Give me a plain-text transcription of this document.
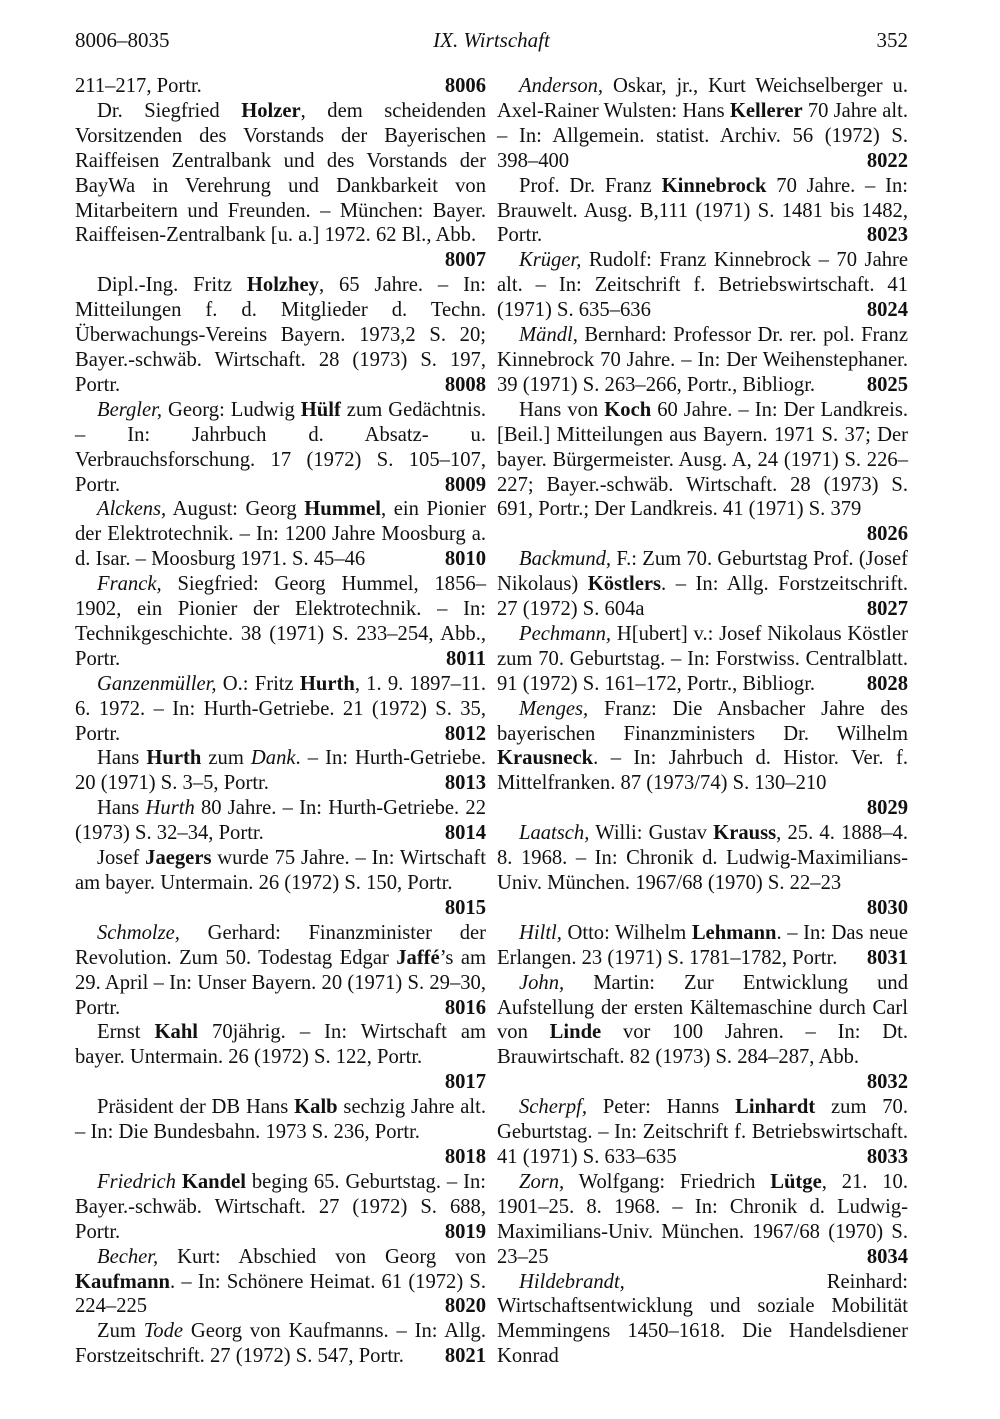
8006–8035	IX. Wirtschaft	352

211–217, Portr.	8006

Dr. Siegfried Holzer, dem scheidenden Vorsitzenden des Vorstands der Bayerischen Raiffeisen Zentralbank und des Vorstands der BayWa in Verehrung und Dankbarkeit von Mitarbeitern und Freunden. – München: Bayer. Raiffeisen-Zentralbank [u. a.] 1972. 62 Bl., Abb.
8007

Dipl.-Ing. Fritz Holzhey, 65 Jahre. – In: Mitteilungen f. d. Mitglieder d. Techn. Überwachungs-Vereins Bayern. 1973,2 S. 20; Bayer.-schwäb. Wirtschaft. 28 (1973) S. 197, Portr.	8008

Bergler, Georg: Ludwig Hülf zum Gedächtnis. – In: Jahrbuch d. Absatz- u. Verbrauchsforschung. 17 (1972) S. 105–107, Portr.	8009

Alckens, August: Georg Hummel, ein Pionier der Elektrotechnik. – In: 1200 Jahre Moosburg a. d. Isar. – Moosburg 1971. S. 45–46	8010

Franck, Siegfried: Georg Hummel, 1856–1902, ein Pionier der Elektrotechnik. – In: Technikgeschichte. 38 (1971) S. 233–254, Abb., Portr.	8011

Ganzenmüller, O.: Fritz Hurth, 1. 9. 1897–11. 6. 1972. – In: Hurth-Getriebe. 21 (1972) S. 35, Portr.	8012

Hans Hurth zum Dank. – In: Hurth-Getriebe. 20 (1971) S. 3–5, Portr.	8013

Hans Hurth 80 Jahre. – In: Hurth-Getriebe. 22 (1973) S. 32–34, Portr.	8014

Josef Jaegers wurde 75 Jahre. – In: Wirtschaft am bayer. Untermain. 26 (1972) S. 150, Portr.
8015

Schmolze, Gerhard: Finanzminister der Revolution. Zum 50. Todestag Edgar Jaffé’s am 29. April – In: Unser Bayern. 20 (1971) S. 29–30, Portr.	8016

Ernst Kahl 70jährig. – In: Wirtschaft am bayer. Untermain. 26 (1972) S. 122, Portr.
8017

Präsident der DB Hans Kalb sechzig Jahre alt. – In: Die Bundesbahn. 1973 S. 236, Portr.
8018

Friedrich Kandel beging 65. Geburtstag. – In: Bayer.-schwäb. Wirtschaft. 27 (1972) S. 688, Portr.	8019

Becher, Kurt: Abschied von Georg von Kaufmann. – In: Schönere Heimat. 61 (1972) S. 224–225	8020

Zum Tode Georg von Kaufmanns. – In: Allg. Forstzeitschrift. 27 (1972) S. 547, Portr.	8021

Anderson, Oskar, jr., Kurt Weichselberger u. Axel-Rainer Wulsten: Hans Kellerer 70 Jahre alt. – In: Allgemein. statist. Archiv. 56 (1972) S. 398–400	8022

Prof. Dr. Franz Kinnebrock 70 Jahre. – In: Brauwelt. Ausg. B,111 (1971) S. 1481 bis 1482, Portr.	8023

Krüger, Rudolf: Franz Kinnebrock – 70 Jahre alt. – In: Zeitschrift f. Betriebswirtschaft. 41 (1971) S. 635–636	8024

Mändl, Bernhard: Professor Dr. rer. pol. Franz Kinnebrock 70 Jahre. – In: Der Weihenstephaner. 39 (1971) S. 263–266, Portr., Bibliogr.	8025

Hans von Koch 60 Jahre. – In: Der Landkreis. [Beil.] Mitteilungen aus Bayern. 1971 S. 37; Der bayer. Bürgermeister. Ausg. A, 24 (1971) S. 226–227; Bayer.-schwäb. Wirtschaft. 28 (1973) S. 691, Portr.; Der Landkreis. 41 (1971) S. 379
8026

Backmund, F.: Zum 70. Geburtstag Prof. (Josef Nikolaus) Köstlers. – In: Allg. Forstzeitschrift. 27 (1972) S. 604a	8027

Pechmann, H[ubert] v.: Josef Nikolaus Köstler zum 70. Geburtstag. – In: Forstwiss. Centralblatt. 91 (1972) S. 161–172, Portr., Bibliogr.	8028

Menges, Franz: Die Ansbacher Jahre des bayerischen Finanzministers Dr. Wilhelm Krausneck. – In: Jahrbuch d. Histor. Ver. f. Mittelfranken. 87 (1973/74) S. 130–210
8029

Laatsch, Willi: Gustav Krauss, 25. 4. 1888–4. 8. 1968. – In: Chronik d. Ludwig-Maximilians-Univ. München. 1967/68 (1970) S. 22–23
8030

Hiltl, Otto: Wilhelm Lehmann. – In: Das neue Erlangen. 23 (1971) S. 1781–1782, Portr.	8031

John, Martin: Zur Entwicklung und Aufstellung der ersten Kältemaschine durch Carl von Linde vor 100 Jahren. – In: Dt. Brauwirtschaft. 82 (1973) S. 284–287, Abb.
8032

Scherpf, Peter: Hanns Linhardt zum 70. Geburtstag. – In: Zeitschrift f. Betriebswirtschaft. 41 (1971) S. 633–635	8033

Zorn, Wolfgang: Friedrich Lütge, 21. 10. 1901–25. 8. 1968. – In: Chronik d. Ludwig-Maximilians-Univ. München. 1967/68 (1970) S. 23–25	8034

Hildebrandt, Reinhard: Wirtschaftsentwicklung und soziale Mobilität Memmingens 1450–1618. Die Handelsdiener Konrad
